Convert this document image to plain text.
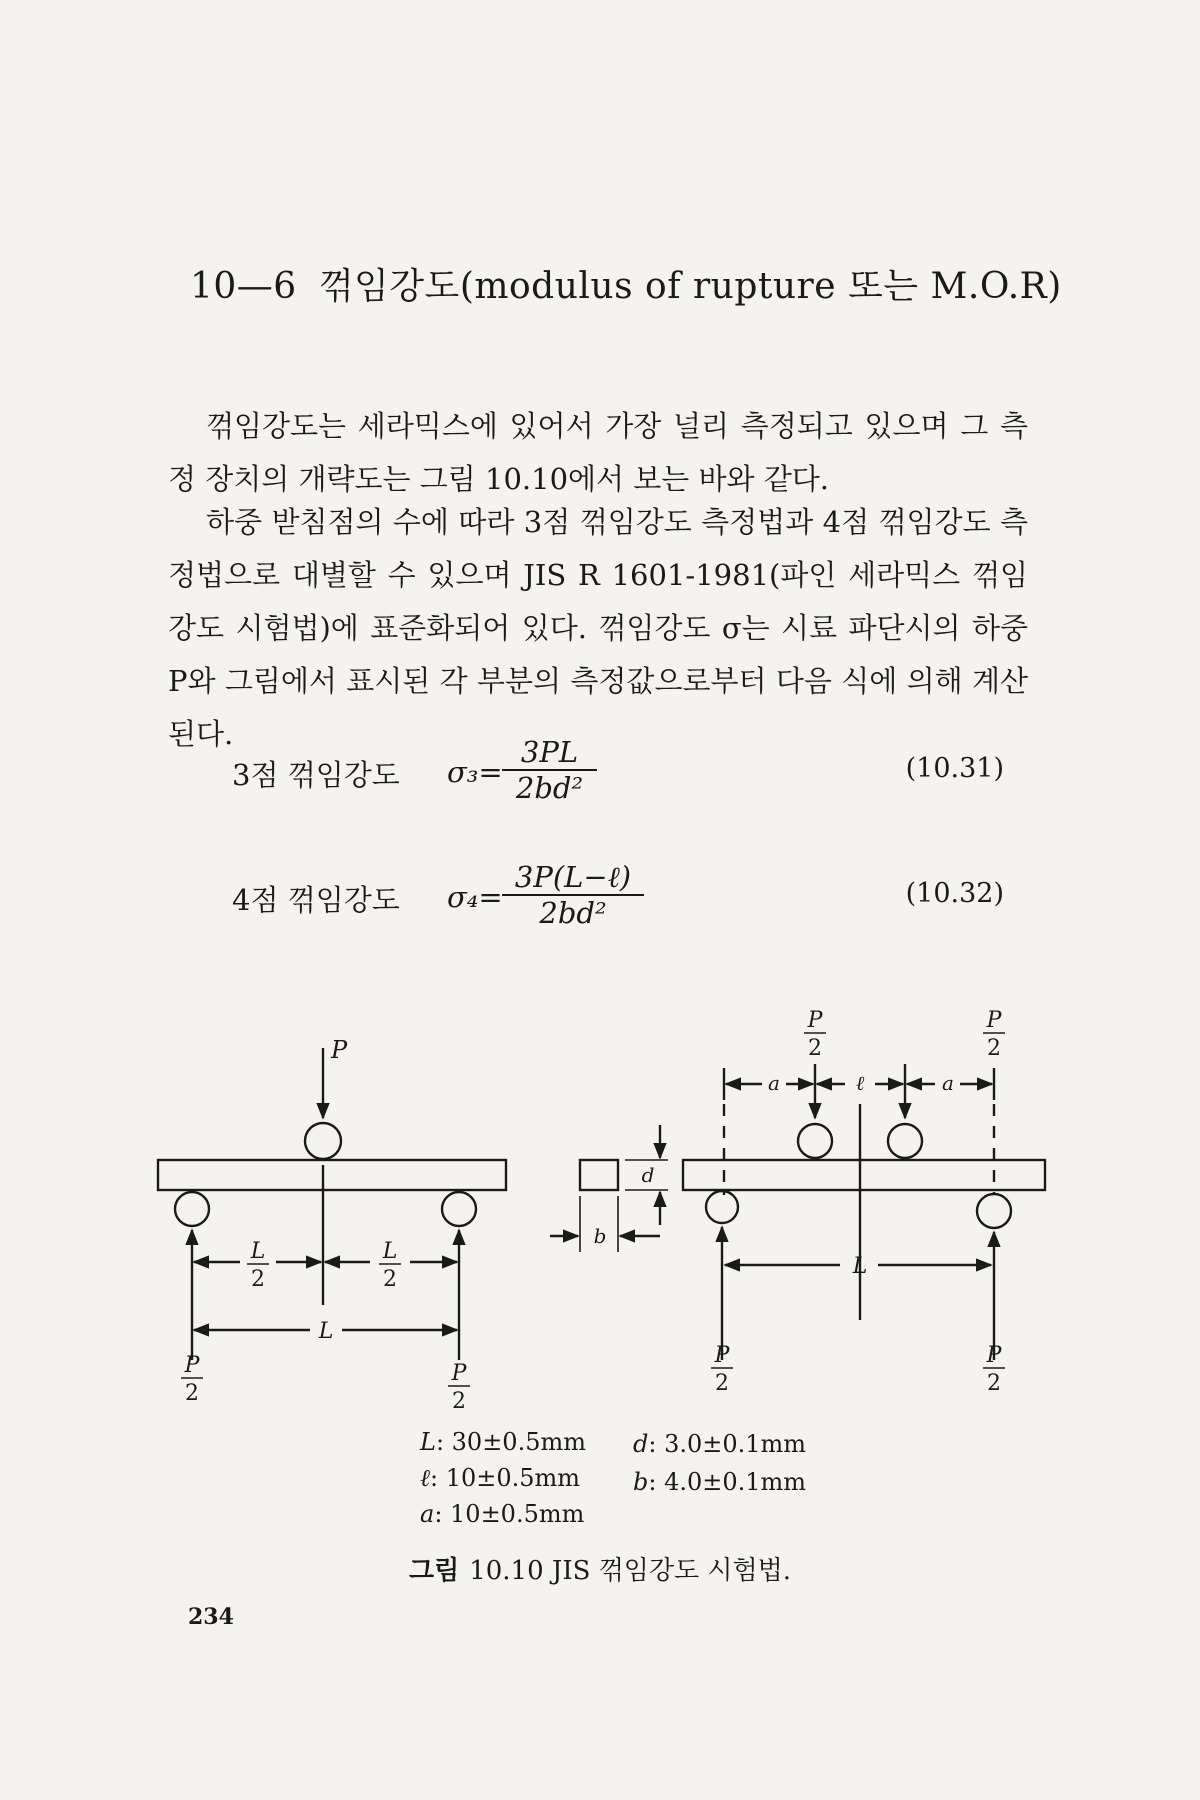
10—6 꺾임강도(modulus of rupture 또는 M.O.R)
꺾임강도는 세라믹스에 있어서 가장 널리 측정되고 있으며 그 측정 장치의 개략도는 그림 10.10에서 보는 바와 같다.
하중 받침점의 수에 따라 3점 꺾임강도 측정법과 4점 꺾임강도 측정법으로 대별할 수 있으며 JIS R 1601-1981(파인 세라믹스 꺾임강도 시험법)에 표준화되어 있다. 꺾임강도 σ는 시료 파단시의 하중 P와 그림에서 표시된 각 부분의 측정값으로부터 다음 식에 의해 계산된다.
3점 꺾임강도 $\sigma_3= \frac{3PL}{\text{2bd²}}$	(10.31)
4점 꺾임강도 σ₄=
3P(L−ℓ)
2bd²
(10.32)
P
L
2
L
2
L
P
2
P
2
d
b
P
2
P
2
a	ℓ	a
L
P
2
P
2
L: 30±0.5mm
ℓ: 10±0.5mm
a: 10±0.5mm
d: 3.0±0.1mm
b: 4.0±0.1mm
그림 10.10 JIS 꺾임강도 시험법.
234
